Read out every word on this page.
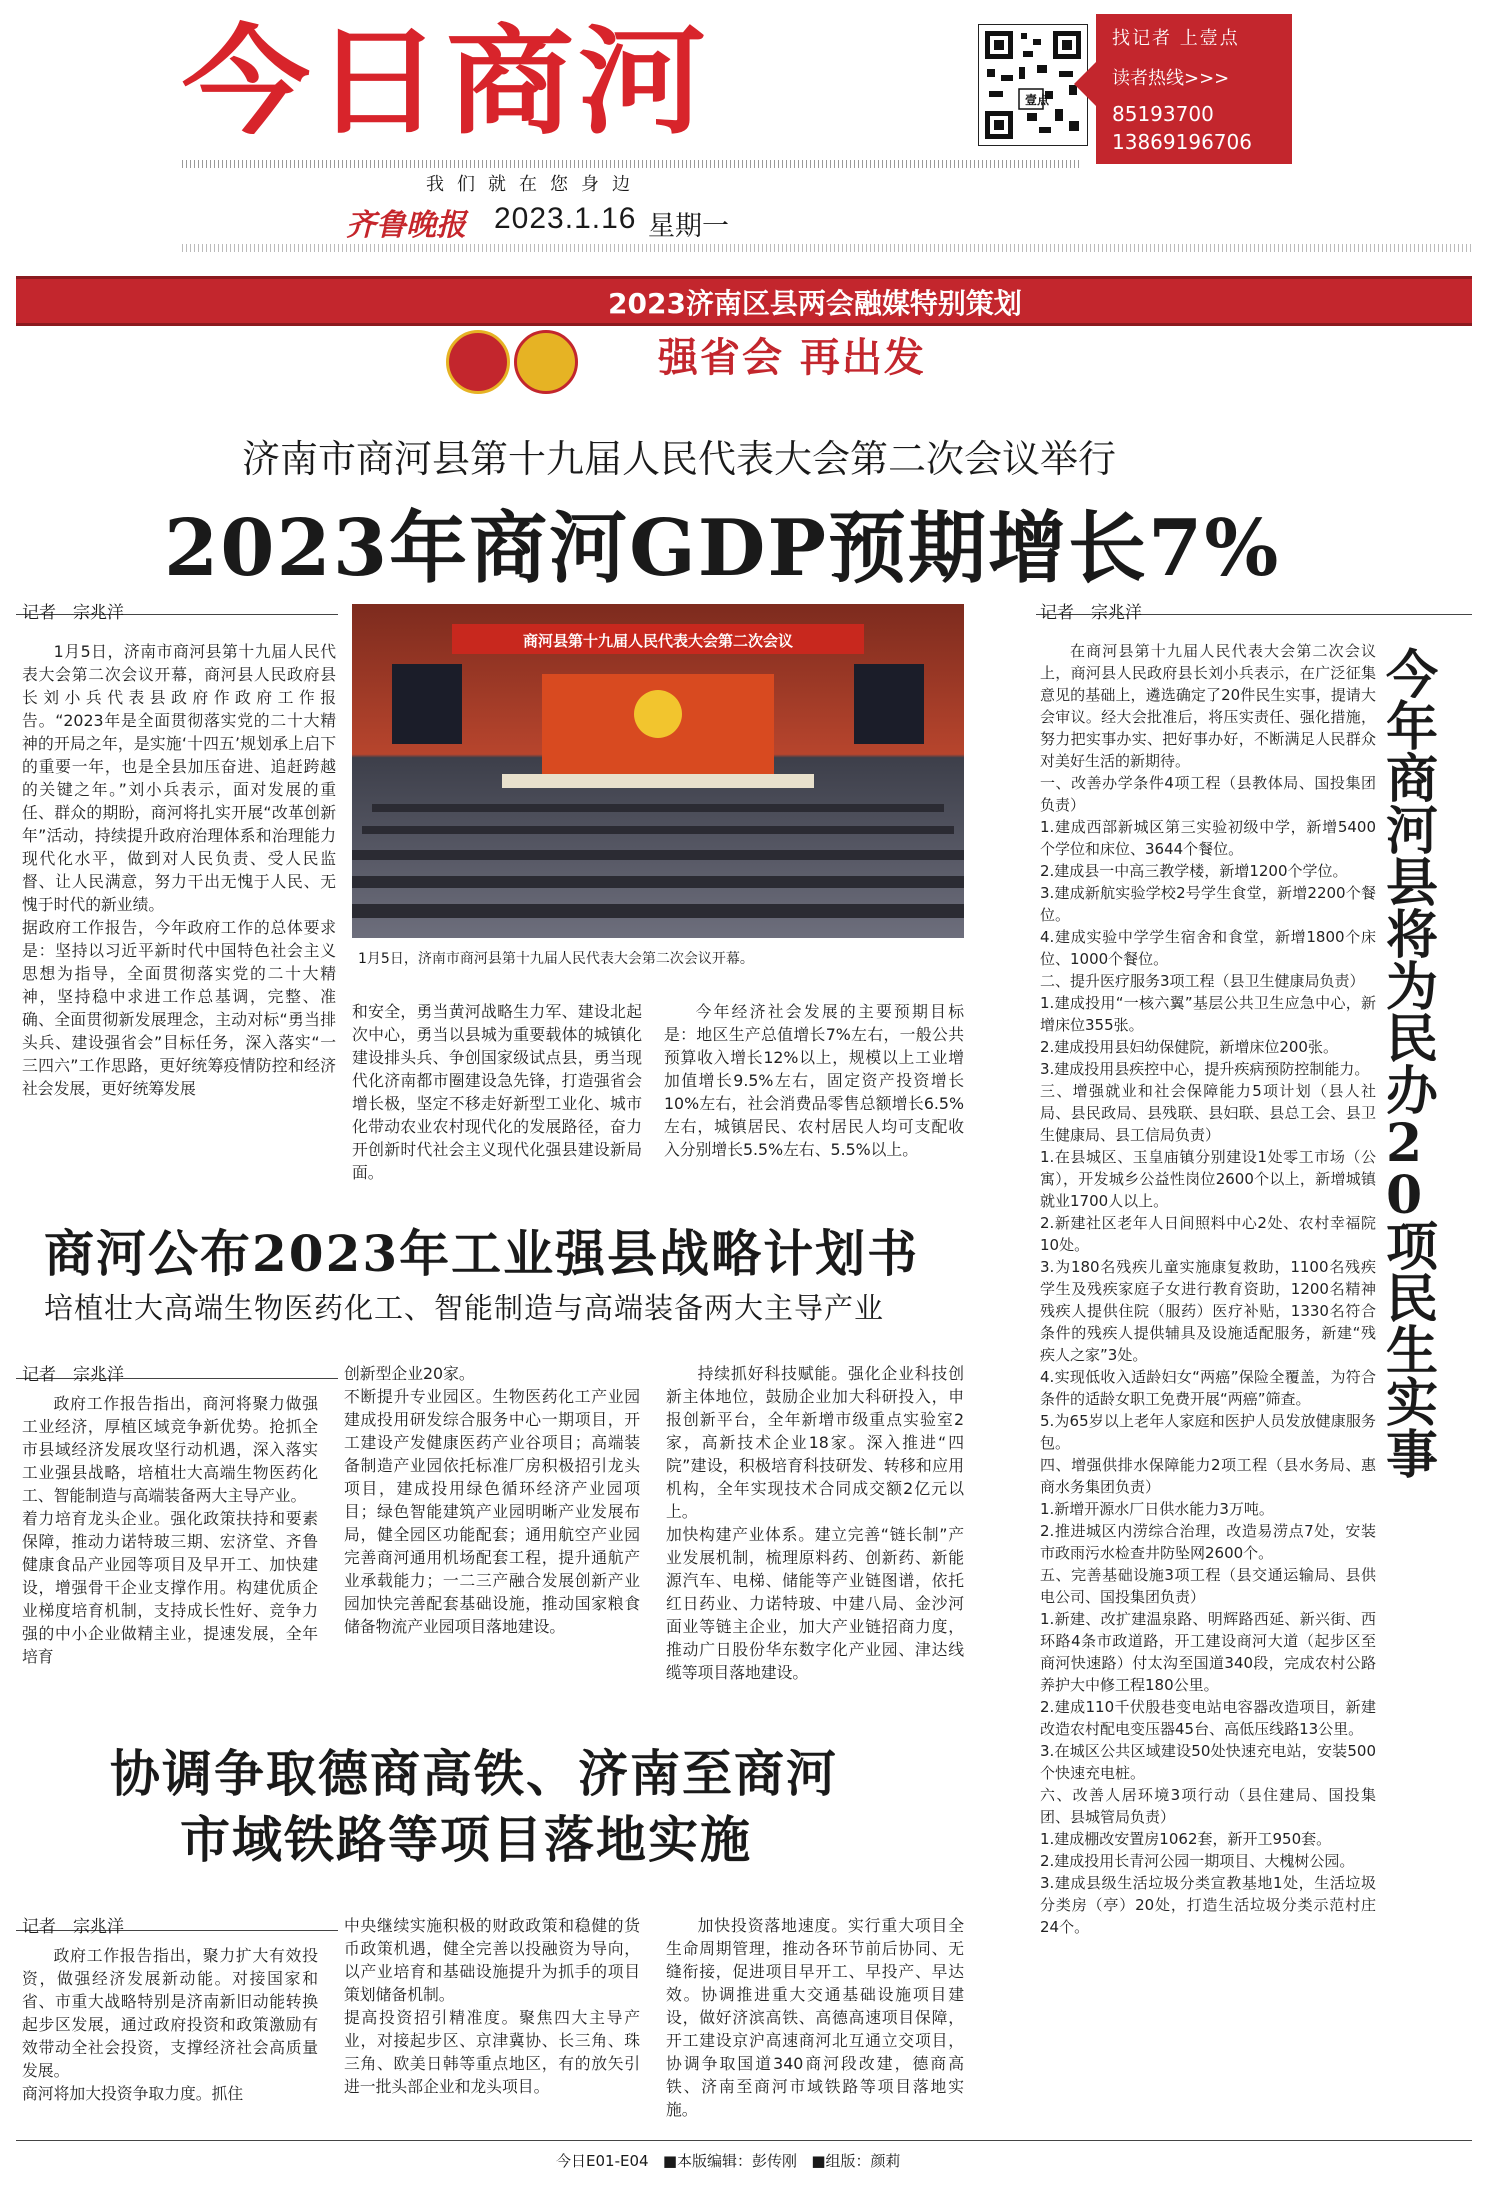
今日商河
我们就在您身边
齐鲁晚报 2023.1.16 星期一
壹点
找记者 上壹点
读者热线>>>
85193700
13869196706
2023济南区县两会融媒特别策划
强省会 再出发
济南市商河县第十九届人民代表大会第二次会议举行
2023年商河GDP预期增长7%
记者　宗兆洋
1月5日，济南市商河县第十九届人民代表大会第二次会议开幕，商河县人民政府县长刘小兵代表县政府作政府工作报告。“2023年是全面贯彻落实党的二十大精神的开局之年，是实施‘十四五’规划承上启下的重要一年，也是全县加压奋进、追赶跨越的关键之年。”刘小兵表示，面对发展的重任、群众的期盼，商河将扎实开展“改革创新年”活动，持续提升政府治理体系和治理能力现代化水平，做到对人民负责、受人民监督、让人民满意，努力干出无愧于人民、无愧于时代的新业绩。
据政府工作报告，今年政府工作的总体要求是：坚持以习近平新时代中国特色社会主义思想为指导，全面贯彻落实党的二十大精神，坚持稳中求进工作总基调，完整、准确、全面贯彻新发展理念，主动对标“勇当排头兵、建设强省会”目标任务，深入落实“一三四六”工作思路，更好统筹疫情防控和经济社会发展，更好统筹发展
商河县第十九届人民代表大会第二次会议
1月5日，济南市商河县第十九届人民代表大会第二次会议开幕。
和安全，勇当黄河战略生力军、建设北起次中心，勇当以县城为重要载体的城镇化建设排头兵、争创国家级试点县，勇当现代化济南都市圈建设急先锋，打造强省会增长极，坚定不移走好新型工业化、城市化带动农业农村现代化的发展路径，奋力开创新时代社会主义现代化强县建设新局面。
今年经济社会发展的主要预期目标是：地区生产总值增长7%左右，一般公共预算收入增长12%以上，规模以上工业增加值增长9.5%左右，固定资产投资增长10%左右，社会消费品零售总额增长6.5%左右，城镇居民、农村居民人均可支配收入分别增长5.5%左右、5.5%以上。
商河公布2023年工业强县战略计划书
培植壮大高端生物医药化工、智能制造与高端装备两大主导产业
记者　宗兆洋
政府工作报告指出，商河将聚力做强工业经济，厚植区域竞争新优势。抢抓全市县域经济发展攻坚行动机遇，深入落实工业强县战略，培植壮大高端生物医药化工、智能制造与高端装备两大主导产业。
着力培育龙头企业。强化政策扶持和要素保障，推动力诺特玻三期、宏济堂、齐鲁健康食品产业园等项目及早开工、加快建设，增强骨干企业支撑作用。构建优质企业梯度培育机制，支持成长性好、竞争力强的中小企业做精主业，提速发展，全年培育
创新型企业20家。
不断提升专业园区。生物医药化工产业园建成投用研发综合服务中心一期项目，开工建设产发健康医药产业谷项目；高端装备制造产业园依托标准厂房积极招引龙头项目，建成投用绿色循环经济产业园项目；绿色智能建筑产业园明晰产业发展布局，健全园区功能配套；通用航空产业园完善商河通用机场配套工程，提升通航产业承载能力；一二三产融合发展创新产业园加快完善配套基础设施，推动国家粮食储备物流产业园项目落地建设。
持续抓好科技赋能。强化企业科技创新主体地位，鼓励企业加大科研投入，申报创新平台，全年新增市级重点实验室2家，高新技术企业18家。深入推进“四院”建设，积极培育科技研发、转移和应用机构，全年实现技术合同成交额2亿元以上。
加快构建产业体系。建立完善“链长制”产业发展机制，梳理原料药、创新药、新能源汽车、电梯、储能等产业链图谱，依托红日药业、力诺特玻、中建八局、金沙河面业等链主企业，加大产业链招商力度，推动广日股份华东数字化产业园、津达线缆等项目落地建设。
协调争取德商高铁、济南至商河
市域铁路等项目落地实施
记者　宗兆洋
政府工作报告指出，聚力扩大有效投资，做强经济发展新动能。对接国家和省、市重大战略特别是济南新旧动能转换起步区发展，通过政府投资和政策激励有效带动全社会投资，支撑经济社会高质量发展。
商河将加大投资争取力度。抓住
中央继续实施积极的财政政策和稳健的货币政策机遇，健全完善以投融资为导向，以产业培育和基础设施提升为抓手的项目策划储备机制。
提高投资招引精准度。聚焦四大主导产业，对接起步区、京津冀协、长三角、珠三角、欧美日韩等重点地区，有的放矢引进一批头部企业和龙头项目。
加快投资落地速度。实行重大项目全生命周期管理，推动各环节前后协同、无缝衔接，促进项目早开工、早投产、早达效。协调推进重大交通基础设施项目建设，做好济滨高铁、高德高速项目保障，开工建设京沪高速商河北互通立交项目，协调争取国道340商河段改建，德商高铁、济南至商河市域铁路等项目落地实施。
记者　宗兆洋
今年商河县将为民办20项民生实事
在商河县第十九届人民代表大会第二次会议上，商河县人民政府县长刘小兵表示，在广泛征集意见的基础上，遴选确定了20件民生实事，提请大会审议。经大会批准后，将压实责任、强化措施，努力把实事办实、把好事办好，不断满足人民群众对美好生活的新期待。
一、改善办学条件4项工程（县教体局、国投集团负责）
1.建成西部新城区第三实验初级中学，新增5400个学位和床位、3644个餐位。
2.建成县一中高三教学楼，新增1200个学位。
3.建成新航实验学校2号学生食堂，新增2200个餐位。
4.建成实验中学学生宿舍和食堂，新增1800个床位、1000个餐位。
二、提升医疗服务3项工程（县卫生健康局负责）
1.建成投用“一核六翼”基层公共卫生应急中心，新增床位355张。
2.建成投用县妇幼保健院，新增床位200张。
3.建成投用县疾控中心，提升疾病预防控制能力。
三、增强就业和社会保障能力5项计划（县人社局、县民政局、县残联、县妇联、县总工会、县卫生健康局、县工信局负责）
1.在县城区、玉皇庙镇分别建设1处零工市场（公寓），开发城乡公益性岗位2600个以上，新增城镇就业1700人以上。
2.新建社区老年人日间照料中心2处、农村幸福院10处。
3.为180名残疾儿童实施康复救助，1100名残疾学生及残疾家庭子女进行教育资助，1200名精神残疾人提供住院（服药）医疗补贴，1330名符合条件的残疾人提供辅具及设施适配服务，新建“残疾人之家”3处。
4.实现低收入适龄妇女“两癌”保险全覆盖，为符合条件的适龄女职工免费开展“两癌”筛查。
5.为65岁以上老年人家庭和医护人员发放健康服务包。
四、增强供排水保障能力2项工程（县水务局、惠商水务集团负责）
1.新增开源水厂日供水能力3万吨。
2.推进城区内涝综合治理，改造易涝点7处，安装市政雨污水检查井防坠网2600个。
五、完善基础设施3项工程（县交通运输局、县供电公司、国投集团负责）
1.新建、改扩建温泉路、明辉路西延、新兴街、西环路4条市政道路，开工建设商河大道（起步区至商河快速路）付太沟至国道340段，完成农村公路养护大中修工程180公里。
2.建成110千伏殷巷变电站电容器改造项目，新建改造农村配电变压器45台、高低压线路13公里。
3.在城区公共区域建设50处快速充电站，安装500个快速充电桩。
六、改善人居环境3项行动（县住建局、国投集团、县城管局负责）
1.建成棚改安置房1062套，新开工950套。
2.建成投用长青河公园一期项目、大槐树公园。
3.建成县级生活垃圾分类宣教基地1处，生活垃圾分类房（亭）20处，打造生活垃圾分类示范村庄24个。
今日E01-E04 ■本版编辑：彭传刚 ■组版：颜莉
